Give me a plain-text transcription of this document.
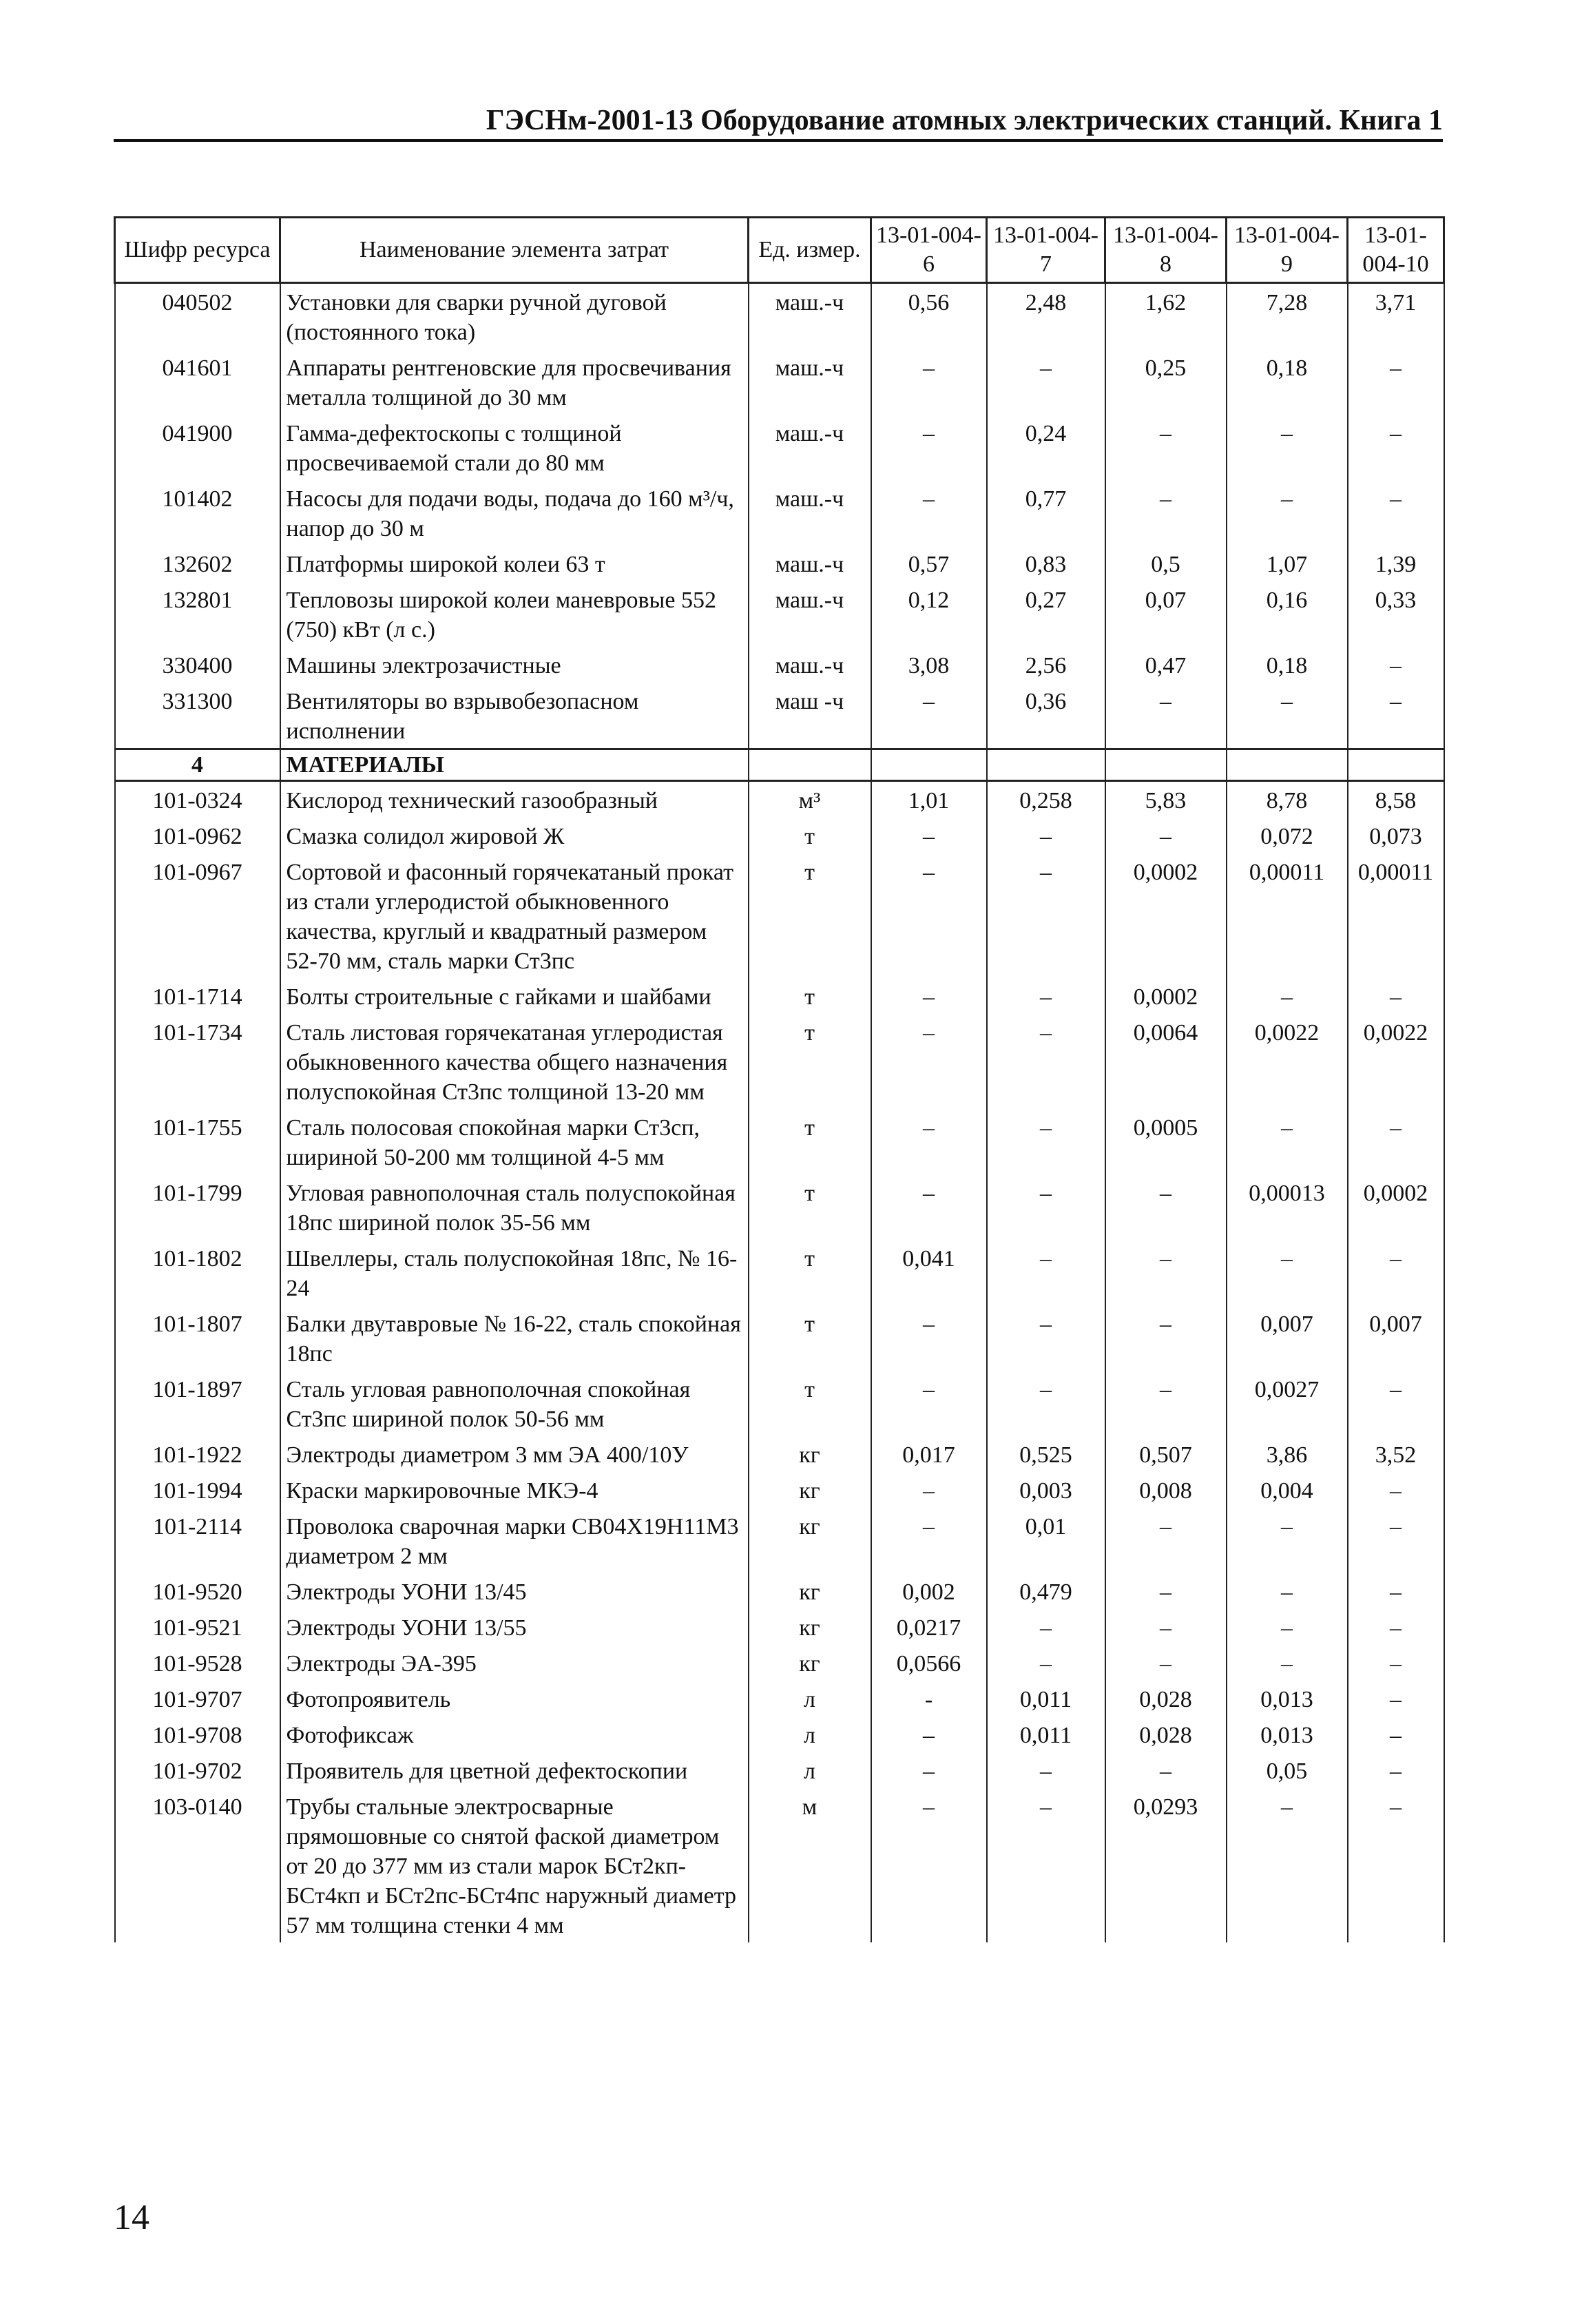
ГЭСНм-2001-13 Оборудование атомных электрических станций. Книга 1
Шифр ресурса	Наименование элемента затрат	Ед. измер.	13-01-004-6	13-01-004-7	13-01-004-8	13-01-004-9	13-01-004-10
040502	Установки для сварки ручной дуговой (постоянного тока)	маш.-ч	0,56	2,48	1,62	7,28	3,71
041601	Аппараты рентгеновские для просвечивания металла толщиной до 30 мм	маш.-ч	–	–	0,25	0,18	–
041900	Гамма-дефектоскопы с толщиной просвечиваемой стали до 80 мм	маш.-ч	–	0,24	–	–	–
101402	Насосы для подачи воды, подача до 160 м³/ч, напор до 30 м	маш.-ч	–	0,77	–	–	–
132602	Платформы широкой колеи 63 т	маш.-ч	0,57	0,83	0,5	1,07	1,39
132801	Тепловозы широкой колеи маневровые 552 (750) кВт (л с.)	маш.-ч	0,12	0,27	0,07	0,16	0,33
330400	Машины электрозачистные	маш.-ч	3,08	2,56	0,47	0,18	–
331300	Вентиляторы во взрывобезопасном исполнении	маш -ч	–	0,36	–	–	–
4	МАТЕРИАЛЫ						
101-0324	Кислород технический газообразный	м³	1,01	0,258	5,83	8,78	8,58
101-0962	Смазка солидол жировой Ж	т	–	–	–	0,072	0,073
101-0967	Сортовой и фасонный горячекатаный прокат из стали углеродистой обыкновенного качества, круглый и квадратный размером 52-70 мм, сталь марки Ст3пс	т	–	–	0,0002	0,00011	0,00011
101-1714	Болты строительные с гайками и шайбами	т	–	–	0,0002	–	–
101-1734	Сталь листовая горячекатаная углеродистая обыкновенного качества общего назначения полуспокойная Ст3пс толщиной 13-20 мм	т	–	–	0,0064	0,0022	0,0022
101-1755	Сталь полосовая спокойная марки Ст3сп, шириной 50-200 мм толщиной 4-5 мм	т	–	–	0,0005	–	–
101-1799	Угловая равнополочная сталь полуспокойная 18пс шириной полок 35-56 мм	т	–	–	–	0,00013	0,0002
101-1802	Швеллеры, сталь полуспокойная 18пс, № 16-24	т	0,041	–	–	–	–
101-1807	Балки двутавровые № 16-22, сталь спокойная 18пс	т	–	–	–	0,007	0,007
101-1897	Сталь угловая равнополочная спокойная Ст3пс шириной полок 50-56 мм	т	–	–	–	0,0027	–
101-1922	Электроды диаметром 3 мм ЭА 400/10У	кг	0,017	0,525	0,507	3,86	3,52
101-1994	Краски маркировочные МКЭ-4	кг	–	0,003	0,008	0,004	–
101-2114	Проволока сварочная марки СВ04Х19Н11М3 диаметром 2 мм	кг	–	0,01	–	–	–
101-9520	Электроды УОНИ 13/45	кг	0,002	0,479	–	–	–
101-9521	Электроды УОНИ 13/55	кг	0,0217	–	–	–	–
101-9528	Электроды ЭА-395	кг	0,0566	–	–	–	–
101-9707	Фотопроявитель	л	-	0,011	0,028	0,013	–
101-9708	Фотофиксаж	л	–	0,011	0,028	0,013	–
101-9702	Проявитель для цветной дефектоскопии	л	–	–	–	0,05	–
103-0140	Трубы стальные электросварные прямошовные со снятой фаской диаметром от 20 до 377 мм из стали марок БСт2кп-БСт4кп и БСт2пс-БСт4пс наружный диаметр 57 мм толщина стенки 4 мм	м	–	–	0,0293	–	–
14
